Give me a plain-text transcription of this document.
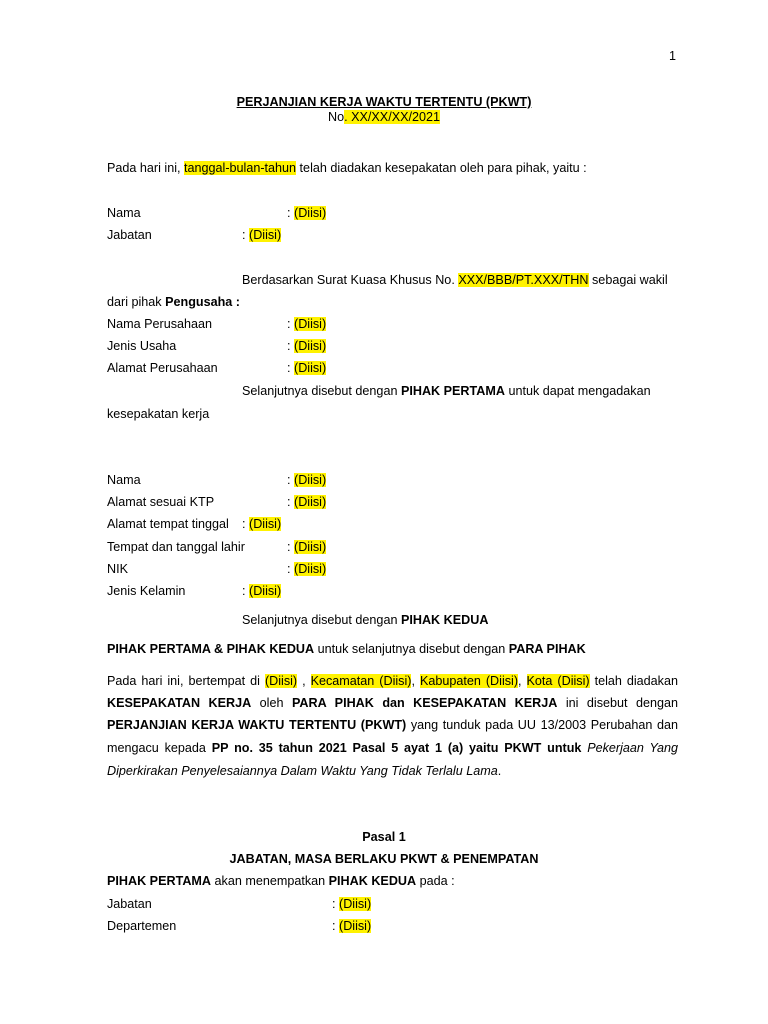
1
PERJANJIAN KERJA WAKTU TERTENTU (PKWT)
No. XX/XX/XX/2021
Pada hari ini, tanggal-bulan-tahun telah diadakan kesepakatan oleh para pihak, yaitu :
Nama	: (Diisi)
Jabatan	: (Diisi)
Berdasarkan Surat Kuasa Khusus No. XXX/BBB/PT.XXX/THN sebagai wakil
dari pihak Pengusaha :
Nama Perusahaan	: (Diisi)
Jenis Usaha	: (Diisi)
Alamat Perusahaan	: (Diisi)
Selanjutnya disebut dengan PIHAK PERTAMA untuk dapat mengadakan
kesepakatan kerja
Nama	: (Diisi)
Alamat sesuai KTP	: (Diisi)
Alamat tempat tinggal : (Diisi)
Tempat dan tanggal lahir	: (Diisi)
NIK	: (Diisi)
Jenis Kelamin	: (Diisi)
Selanjutnya disebut dengan PIHAK KEDUA
PIHAK PERTAMA & PIHAK KEDUA untuk selanjutnya disebut dengan PARA PIHAK
Pada hari ini, bertempat di (Diisi) , Kecamatan (Diisi), Kabupaten (Diisi), Kota (Diisi) telah diadakan
KESEPAKATAN KERJA oleh PARA PIHAK dan KESEPAKATAN KERJA ini disebut dengan
PERJANJIAN KERJA WAKTU TERTENTU (PKWT) yang tunduk pada UU 13/2003 Perubahan dan
mengacu kepada PP no. 35 tahun 2021 Pasal 5 ayat 1 (a) yaitu PKWT untuk Pekerjaan Yang
Diperkirakan Penyelesaiannya Dalam Waktu Yang Tidak Terlalu Lama.
Pasal 1
JABATAN, MASA BERLAKU PKWT & PENEMPATAN
PIHAK PERTAMA akan menempatkan PIHAK KEDUA pada :
Jabatan	: (Diisi)
Departemen	: (Diisi)
